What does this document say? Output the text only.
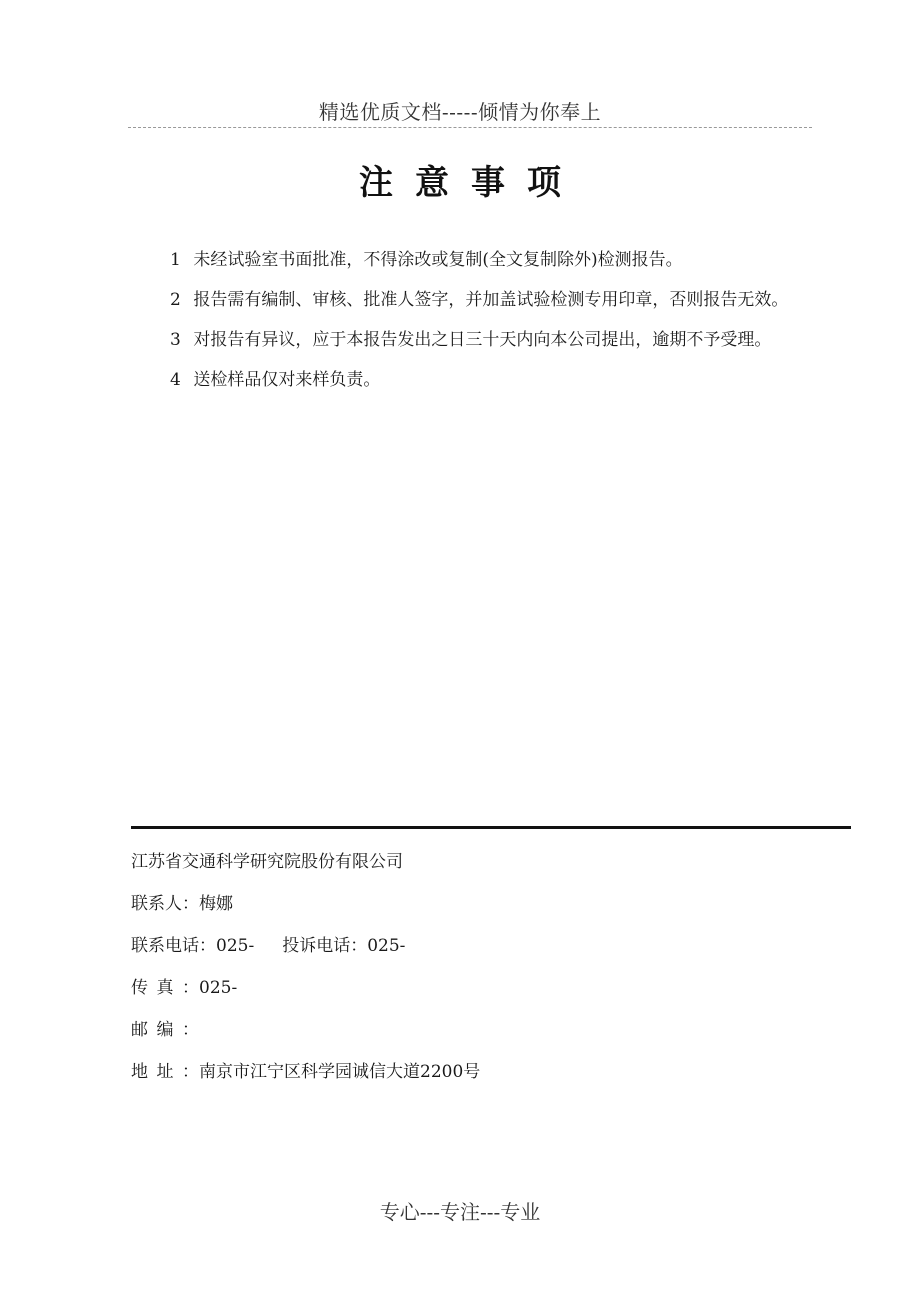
精选优质文档-----倾情为你奉上
注意事项
1 未经试验室书面批准，不得涂改或复制(全文复制除外)检测报告。
2 报告需有编制、审核、批准人签字，并加盖试验检测专用印章，否则报告无效。
3 对报告有异议，应于本报告发出之日三十天内向本公司提出，逾期不予受理。
4 送检样品仅对来样负责。
江苏省交通科学研究院股份有限公司
联系人：梅娜
联系电话：025- 投诉电话：025-
传真：025-
邮编：
地址：南京市江宁区科学园诚信大道2200号
专心---专注---专业
